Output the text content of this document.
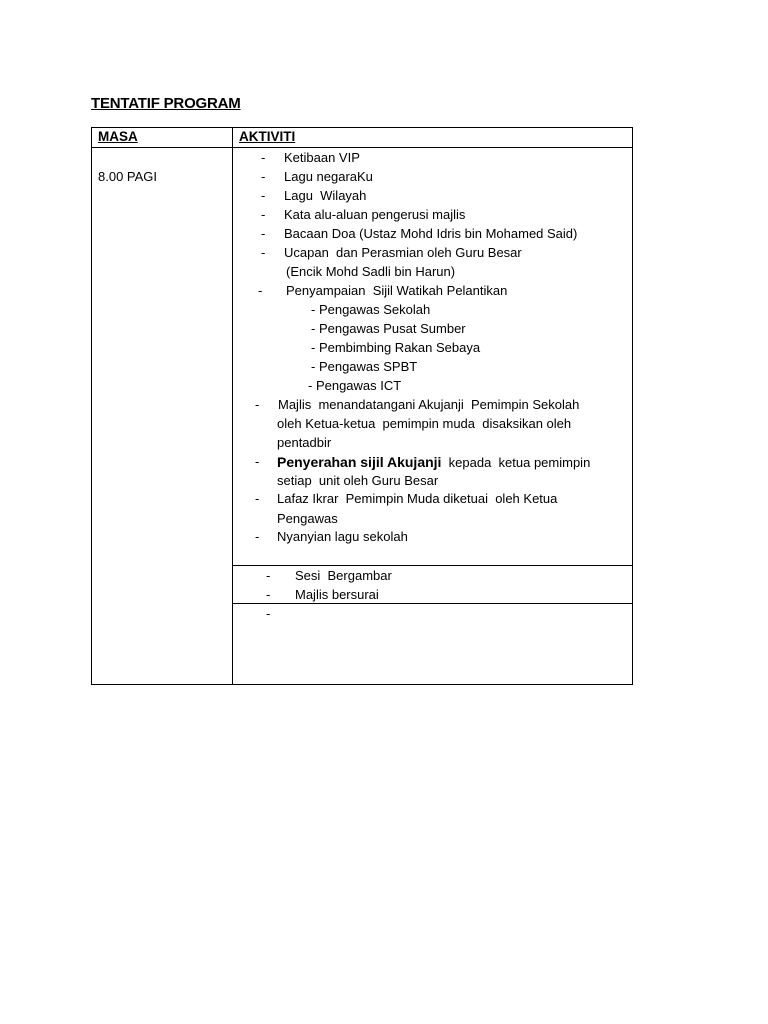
TENTATIF PROGRAM
MASA	AKTIVITI
8.00 PAGI
- Ketibaan VIP
- Lagu negaraKu
- Lagu  Wilayah
- Kata alu-aluan pengerusi majlis
- Bacaan Doa (Ustaz Mohd Idris bin Mohamed Said)
- Ucapan  dan Perasmian oleh Guru Besar
(Encik Mohd Sadli bin Harun)
- Penyampaian  Sijil Watikah Pelantikan
- Pengawas Sekolah
- Pengawas Pusat Sumber
- Pembimbing Rakan Sebaya
- Pengawas SPBT
- Pengawas ICT
- Majlis  menandatangani Akujanji  Pemimpin Sekolah
oleh Ketua-ketua  pemimpin muda  disaksikan oleh
pentadbir
- Penyerahan sijil Akujanji  kepada  ketua pemimpin
setiap  unit oleh Guru Besar
- Lafaz Ikrar  Pemimpin Muda diketuai  oleh Ketua
Pengawas
- Nyanyian lagu sekolah
- Sesi  Bergambar
- Majlis bersurai
-
